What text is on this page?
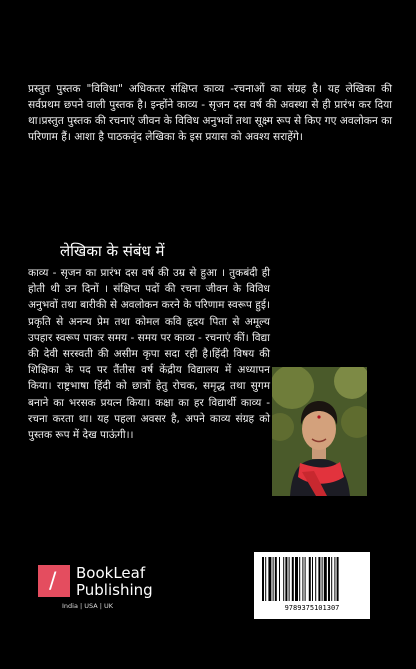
प्रस्तुत पुस्तक "विविधा" अधिकतर संक्षिप्त काव्य -रचनाओं का संग्रह है। यह लेखिका की सर्वप्रथम छपने वाली पुस्तक है। इन्होंने काव्य - सृजन दस वर्ष की अवस्था से ही प्रारंभ कर दिया था।प्रस्तुत पुस्तक की रचनाएं जीवन के विविध अनुभवों तथा सूक्ष्म रूप से किए गए अवलोकन का परिणाम हैं। आशा है पाठकवृंद लेखिका के इस प्रयास को अवश्य सराहेंगे।
लेखिका के संबंध में
काव्य - सृजन का प्रारंभ दस वर्ष की उम्र से हुआ । तुकबंदी ही होती थी उन दिनों । संक्षिप्त पदों की रचना जीवन के विविध अनुभवों तथा बारीकी से अवलोकन करने के परिणाम स्वरूप हुई। प्रकृति से अनन्य प्रेम तथा कोमल कवि हृदय पिता से अमूल्य उपहार स्वरूप पाकर समय - समय पर काव्य - रचनाएं कीं। विद्या की देवी सरस्वती की असीम कृपा सदा रही है।हिंदी विषय की शिक्षिका के पद पर तैंतीस वर्ष केंद्रीय विद्यालय में अध्यापन किया। राष्ट्रभाषा हिंदी को छात्रों हेतु रोचक, समृद्ध तथा सुगम बनाने का भरसक प्रयत्न किया। कक्षा का हर विद्यार्थी काव्य - रचना करता था। यह पहला अवसर है, अपने काव्य संग्रह को पुस्तक रूप में देख पाऊंगी।।
/ BookLeaf
Publishing
India | USA | UK	9789375101307
